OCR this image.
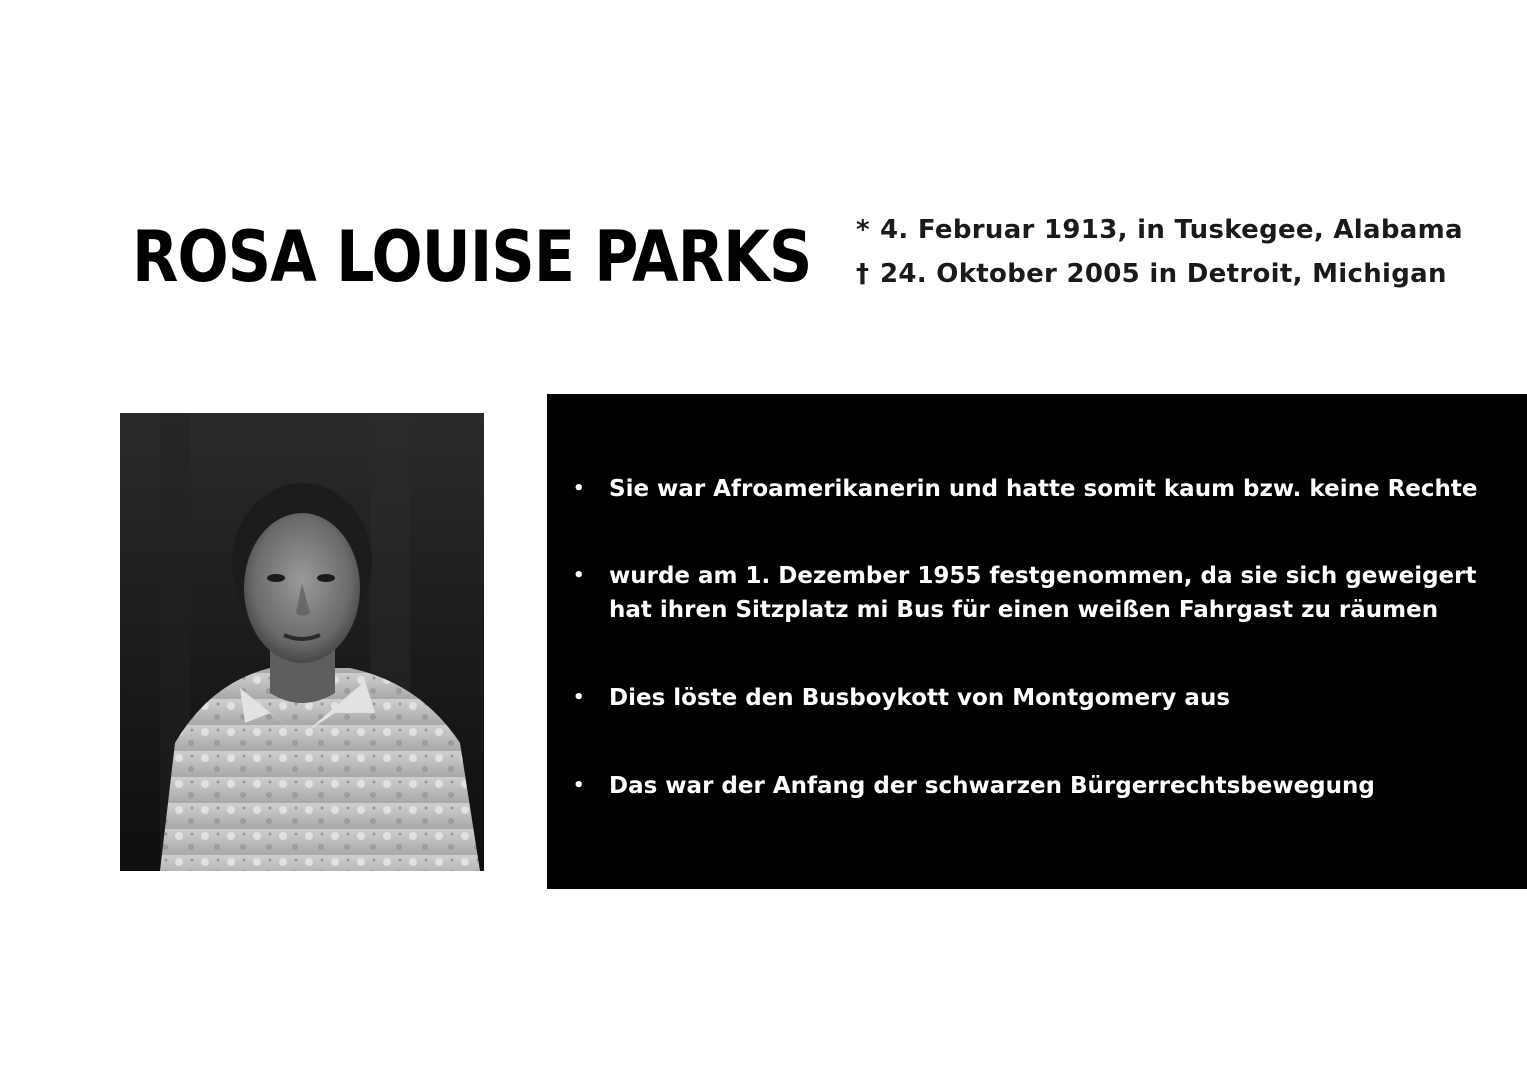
ROSA LOUISE PARKS * 4. Februar 1913, in Tuskegee, Alabama
† 24. Oktober 2005 in Detroit, Michigan
• Sie war Afroamerikanerin und hatte somit kaum bzw. keine Rechte
• wurde am 1. Dezember 1955 festgenommen, da sie sich geweigert hat ihren Sitzplatz mi Bus für einen weißen Fahrgast zu räumen
• Dies löste den Busboykott von Montgomery aus
• Das war der Anfang der schwarzen Bürgerrechtsbewegung
